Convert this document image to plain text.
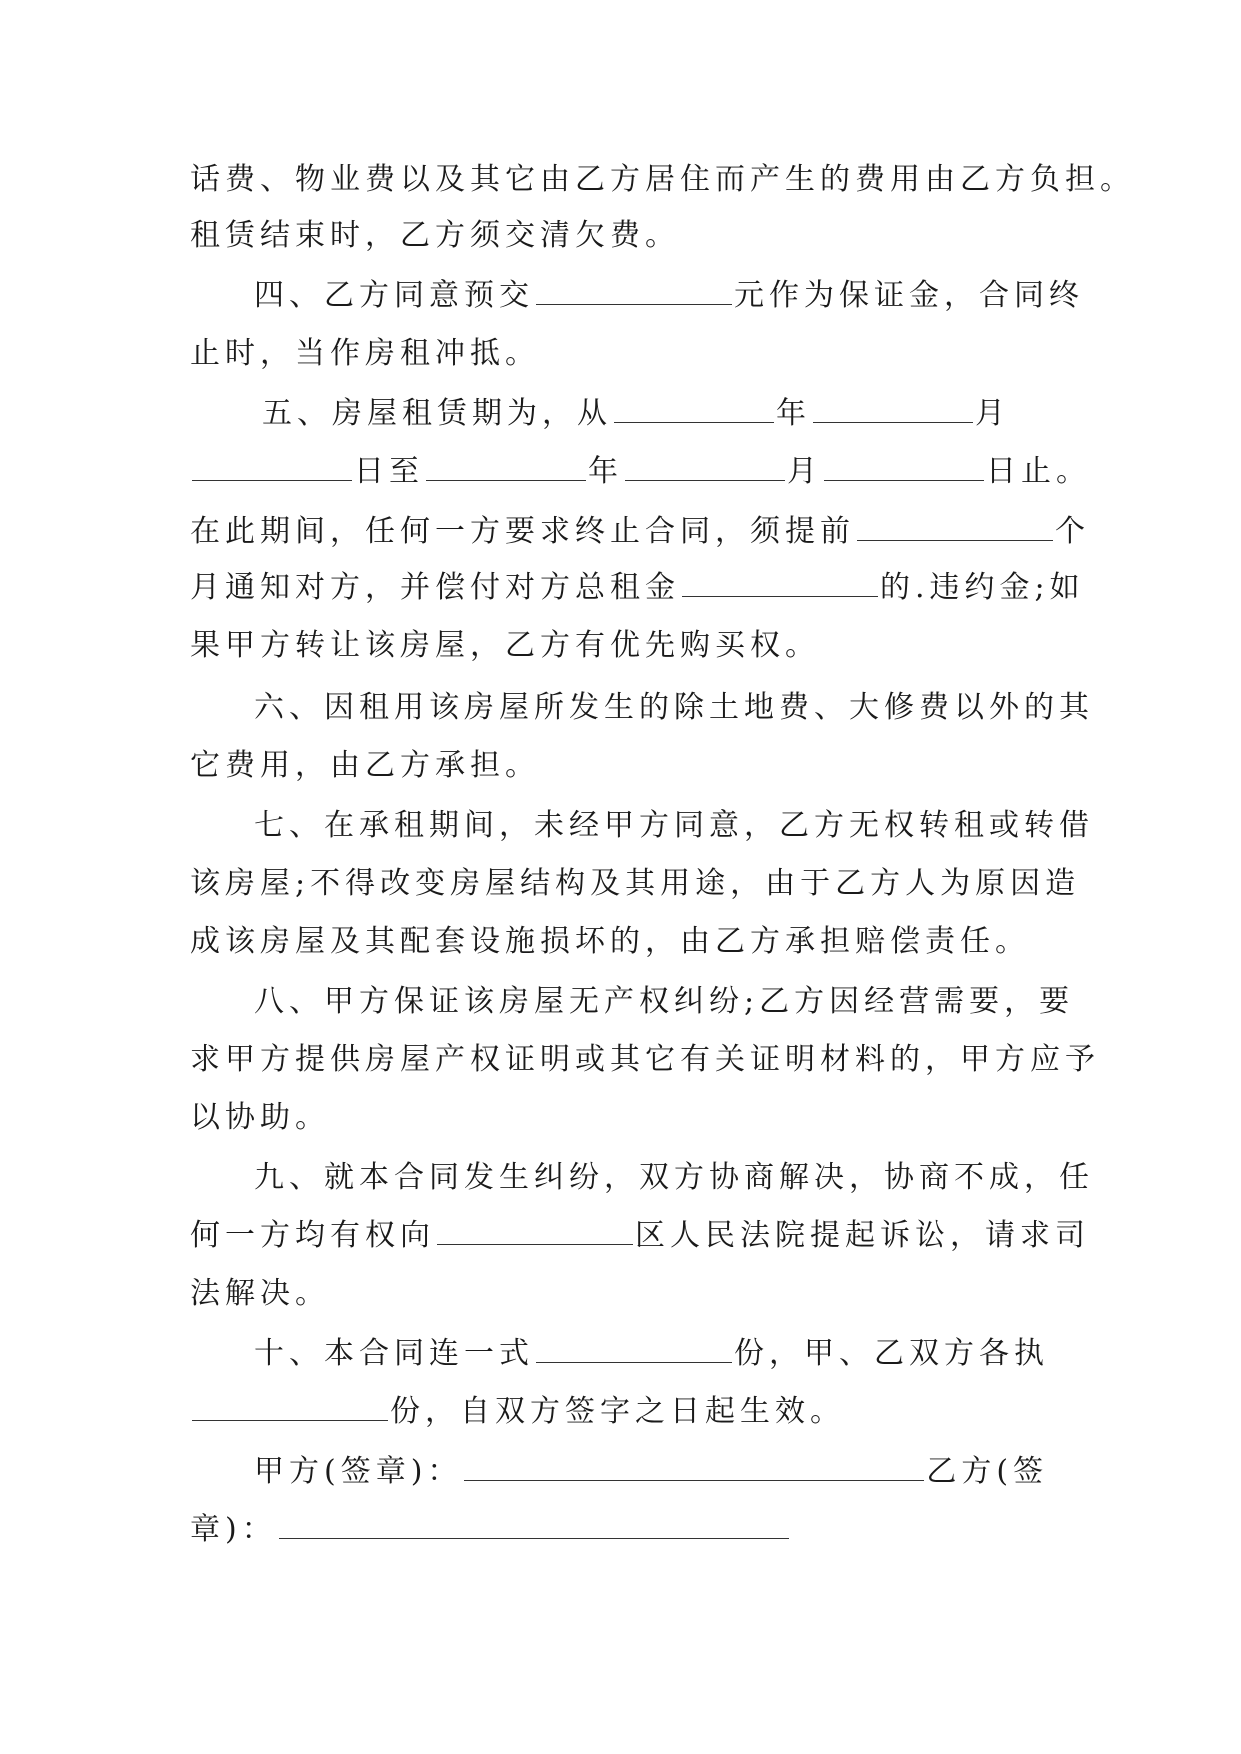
话费、物业费以及其它由乙方居住而产生的费用由乙方负担。
租赁结束时，乙方须交清欠费。
四、乙方同意预交	元作为保证金，合同终
止时，当作房租冲抵。
五、房屋租赁期为，从	年	月
日至	年	月	日止。
在此期间，任何一方要求终止合同，须提前	个
月通知对方，并偿付对方总租金	的.违约金;如
果甲方转让该房屋，乙方有优先购买权。
六、因租用该房屋所发生的除土地费、大修费以外的其
它费用，由乙方承担。
七、在承租期间，未经甲方同意，乙方无权转租或转借
该房屋;不得改变房屋结构及其用途，由于乙方人为原因造
成该房屋及其配套设施损坏的，由乙方承担赔偿责任。
八、甲方保证该房屋无产权纠纷;乙方因经营需要，要
求甲方提供房屋产权证明或其它有关证明材料的，甲方应予
以协助。
九、就本合同发生纠纷，双方协商解决，协商不成，任
何一方均有权向	区人民法院提起诉讼，请求司
法解决。
十、本合同连一式	份，甲、乙双方各执
份，自双方签字之日起生效。
甲方(签章)：	乙方(签
章)：
